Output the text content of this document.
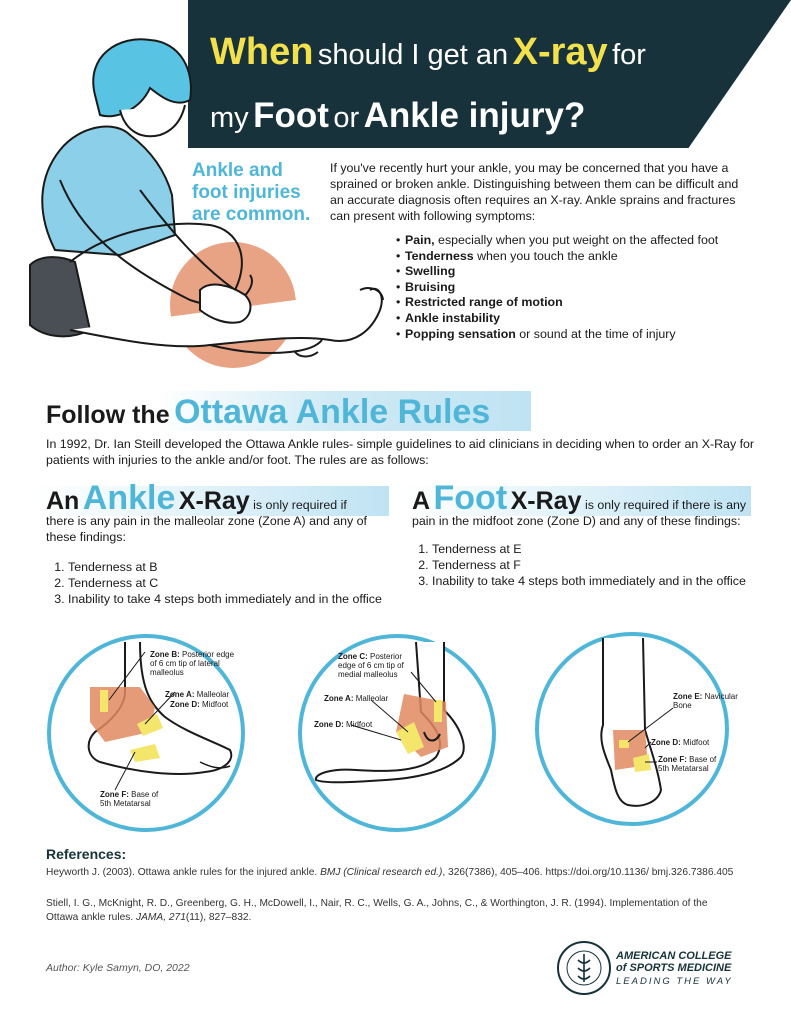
When should I get an X-ray for
my Foot or Ankle injury?
Ankle and
foot injuries
are common.
If you've recently hurt your ankle, you may be concerned that you have a sprained or broken ankle. Distinguishing between them can be difficult and an accurate diagnosis often requires an X-ray. Ankle sprains and fractures can present with following symptoms:
• Pain, especially when you put weight on the affected foot
• Tenderness when you touch the ankle
• Swelling
• Bruising
• Restricted range of motion
• Ankle instability
• Popping sensation or sound at the time of injury
Follow the Ottawa Ankle Rules
In 1992, Dr. Ian Steill developed the Ottawa Ankle rules- simple guidelines to aid clinicians in deciding when to order an X-Ray for patients with injuries to the ankle and/or foot. The rules are as follows:
An Ankle X-Ray is only required if
there is any pain in the malleolar zone (Zone A) and any of these findings:
1. Tenderness at B
2. Tenderness at C
3. Inability to take 4 steps both immediately and in the office
A Foot X-Ray is only required if there is any
pain in the midfoot zone (Zone D) and any of these findings:
1. Tenderness at E
2. Tenderness at F
3. Inability to take 4 steps both immediately and in the office
Zone B: Posterior edge of 6 cm tip of lateral malleolus
Zone A: Malleolar
Zone D: Midfoot
Zone F: Base of 5th Metatarsal
Zone C: Posterior edge of 6 cm tip of medial malleolus
Zone A: Malleolar
Zone D: Midfoot
Zone E: Navicular Bone
Zone D: Midfoot
Zone F: Base of 5th Metatarsal
References:
Heyworth J. (2003). Ottawa ankle rules for the injured ankle. BMJ (Clinical research ed.), 326(7386), 405–406. https://doi.org/10.1136/ bmj.326.7386.405
Stiell, I. G., McKnight, R. D., Greenberg, G. H., McDowell, I., Nair, R. C., Wells, G. A., Johns, C., & Worthington, J. R. (1994). Implementation of the Ottawa ankle rules. JAMA, 271(11), 827–832.
Author: Kyle Samyn, DO, 2022
AMERICAN COLLEGE
of SPORTS MEDICINE
LEADING THE WAY
